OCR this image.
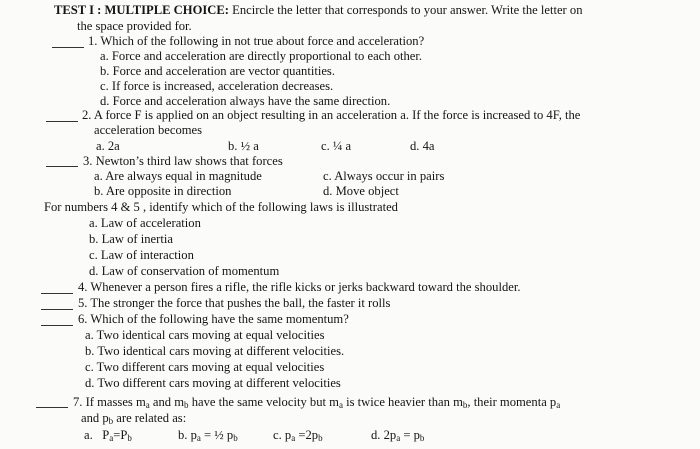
TEST I : MULTIPLE CHOICE: Encircle the letter that corresponds to your answer. Write the letter on
the space provided for.
1. Which of the following in not true about force and acceleration?
a. Force and acceleration are directly proportional to each other.
b. Force and acceleration are vector quantities.
c. If force is increased, acceleration decreases.
d. Force and acceleration always have the same direction.
2. A force F is applied on an object resulting in an acceleration a. If the force is increased to 4F, the
acceleration becomes
a. 2a	b. ½ a	c. ¼ a	d. 4a
3. Newton’s third law shows that forces
a. Are always equal in magnitude	c. Always occur in pairs
b. Are opposite in direction	d. Move object
For numbers 4 & 5 , identify which of the following laws is illustrated
a. Law of acceleration
b. Law of inertia
c. Law of interaction
d. Law of conservation of momentum
4. Whenever a person fires a rifle, the rifle kicks or jerks backward toward the shoulder.
5. The stronger the force that pushes the ball, the faster it rolls
6. Which of the following have the same momentum?
a. Two identical cars moving at equal velocities
b. Two identical cars moving at different velocities.
c. Two different cars moving at equal velocities
d. Two different cars moving at different velocities
7. If masses ma and mb have the same velocity but ma is twice heavier than mb, their momenta pa
and pb are related as:
a. Pa=Pb	b. pa = ½ pb	c. pa =2pb	d. 2pa = pb
